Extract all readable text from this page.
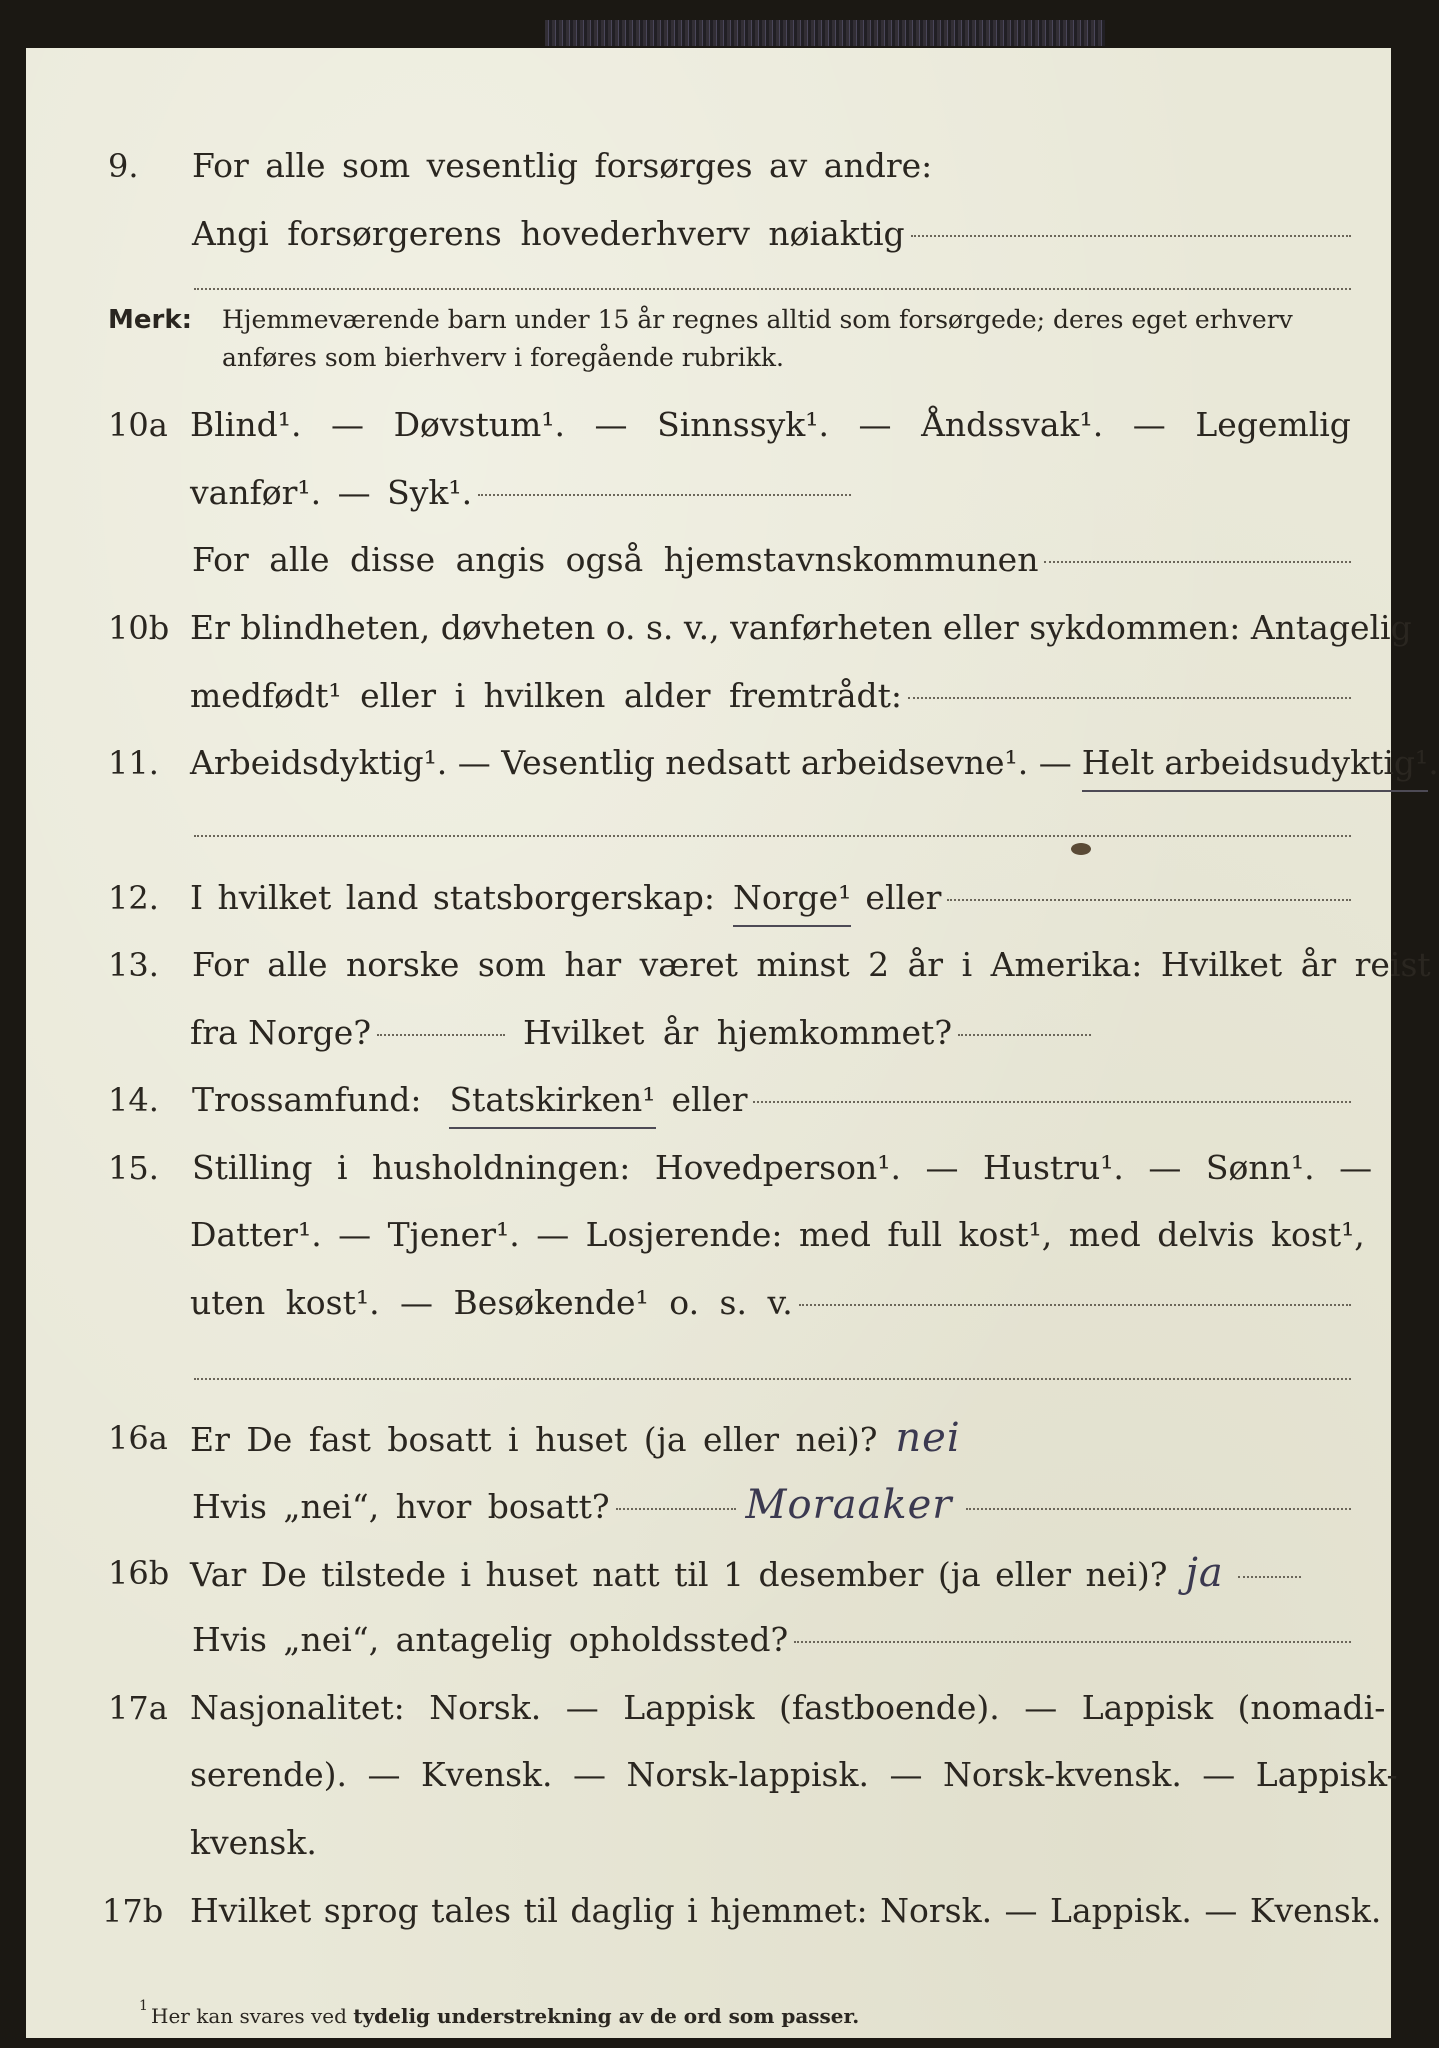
9. For alle som vesentlig forsørges av andre:
Angi forsørgerens hovederhverv nøiaktig
Merk: Hjemmeværende barn under 15 år regnes alltid som forsørgede; deres eget erhverv
anføres som bierhverv i foregående rubrikk.
10a Blind¹. — Døvstum¹. — Sinnssyk¹. — Åndssvak¹. — Legemlig
vanfør¹. — Syk¹.
For alle disse angis også hjemstavnskommunen
10b Er blindheten, døvheten o. s. v., vanførheten eller sykdommen: Antagelig
medfødt¹ eller i hvilken alder fremtrådt:
11. Arbeidsdyktig¹. — Vesentlig nedsatt arbeidsevne¹. — Helt arbeidsudyktig¹ .
12. I hvilket land statsborgerskap: Norge¹ eller
13. For alle norske som har været minst 2 år i Amerika: Hvilket år reist
fra Norge?	Hvilket år hjemkommet?
14. Trossamfund: Statskirken¹ eller
15. Stilling i husholdningen: Hovedperson¹. — Hustru¹. — Sønn¹. —
Datter¹. — Tjener¹. — Losjerende: med full kost¹, med delvis kost¹,
uten kost¹. — Besøkende¹ o. s. v.
16a Er De fast bosatt i huset (ja eller nei)? nei
Hvis „nei“, hvor bosatt?	Moraaker
16b Var De tilstede i huset natt til 1 desember (ja eller nei)? ja
Hvis „nei“, antagelig opholdssted?
17a Nasjonalitet: Norsk. — Lappisk (fastboende). — Lappisk (nomadi-
serende). — Kvensk. — Norsk-lappisk. — Norsk-kvensk. — Lappisk-
kvensk.
17b Hvilket sprog tales til daglig i hjemmet: Norsk. — Lappisk. — Kvensk.
1 Her kan svares ved tydelig understrekning av de ord som passer.
